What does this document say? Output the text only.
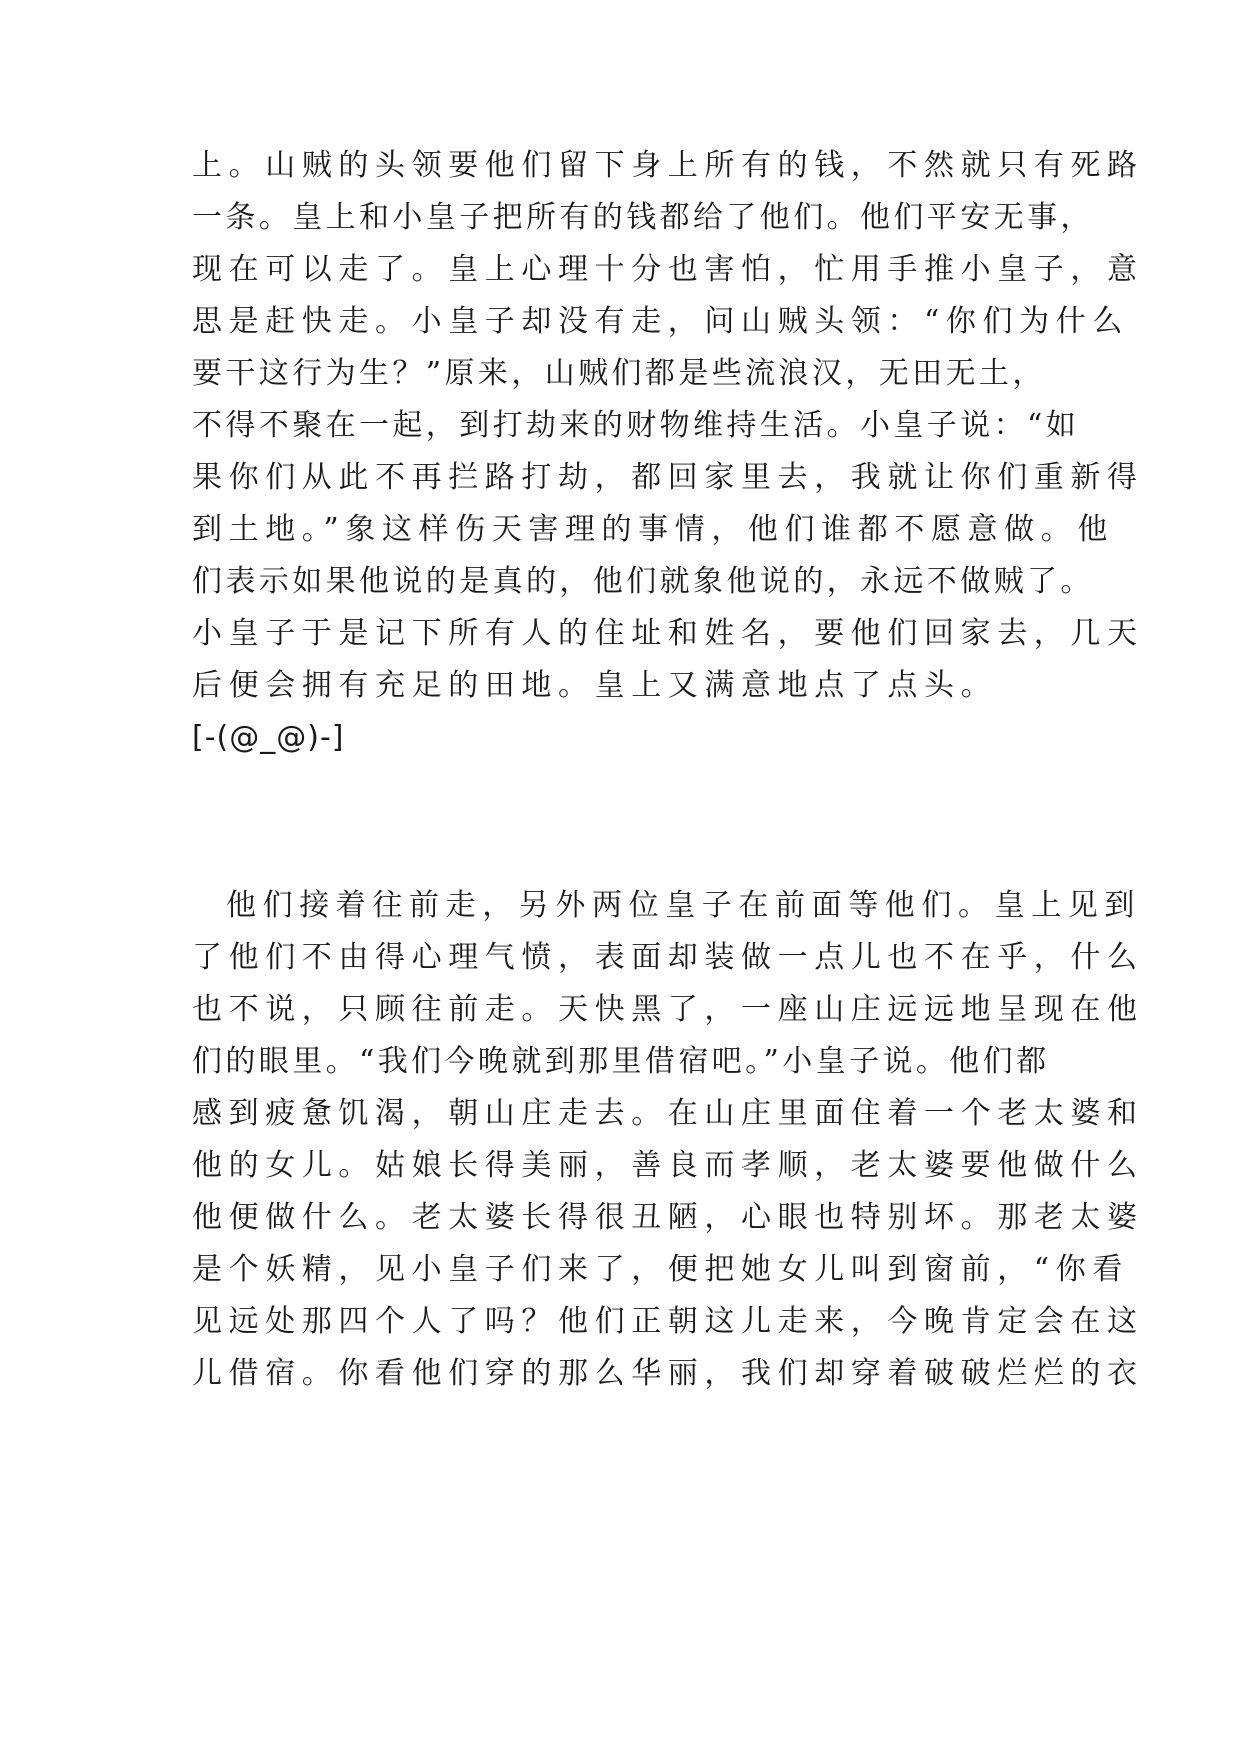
上。山贼的头领要他们留下身上所有的钱，不然就只有死路
一条。皇上和小皇子把所有的钱都给了他们。他们平安无事，
现在可以走了。皇上心理十分也害怕，忙用手推小皇子，意
思是赶快走。小皇子却没有走，问山贼头领：“你们为什么
要干这行为生？”原来，山贼们都是些流浪汉，无田无土，
不得不聚在一起，到打劫来的财物维持生活。小皇子说：“如
果你们从此不再拦路打劫，都回家里去，我就让你们重新得
到土地。”象这样伤天害理的事情，他们谁都不愿意做。他
们表示如果他说的是真的，他们就象他说的，永远不做贼了。
小皇子于是记下所有人的住址和姓名，要他们回家去，几天
后便会拥有充足的田地。皇上又满意地点了点头。
[-(@_@)-]
他们接着往前走，另外两位皇子在前面等他们。皇上见到
了他们不由得心理气愤，表面却装做一点儿也不在乎，什么
也不说，只顾往前走。天快黑了，一座山庄远远地呈现在他
们的眼里。“我们今晚就到那里借宿吧。”小皇子说。他们都
感到疲惫饥渴，朝山庄走去。在山庄里面住着一个老太婆和
他的女儿。姑娘长得美丽，善良而孝顺，老太婆要他做什么
他便做什么。老太婆长得很丑陋，心眼也特别坏。那老太婆
是个妖精，见小皇子们来了，便把她女儿叫到窗前，“你看
见远处那四个人了吗？他们正朝这儿走来，今晚肯定会在这
儿借宿。你看他们穿的那么华丽，我们却穿着破破烂烂的衣
